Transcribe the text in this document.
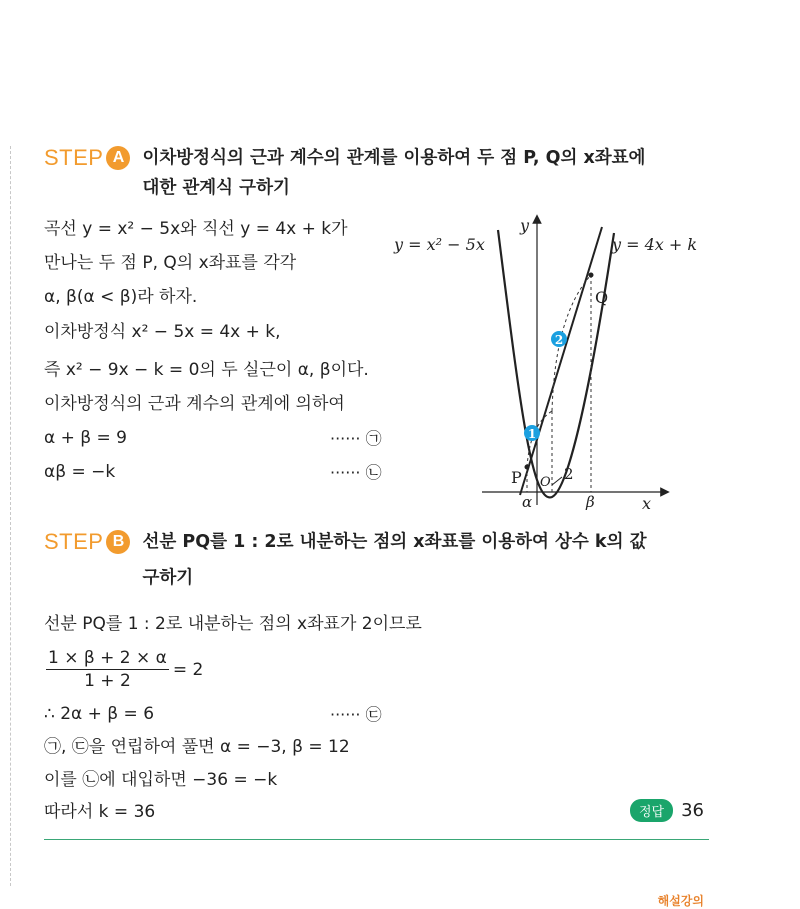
STEP A	이차방정식의 근과 계수의 관계를 이용하여 두 점 P, Q의 x좌표에
대한 관계식 구하기
곡선 y = x² − 5x와 직선 y = 4x + k가
만나는 두 점 P, Q의 x좌표를 각각
α, β(α < β)라 하자.
이차방정식 x² − 5x = 4x + k,
즉 x² − 9x − k = 0의 두 실근이 α, β이다.
이차방정식의 근과 계수의 관계에 의하여
α + β = 9	······ ㉠
αβ = −k	······ ㉡
1
2
y = x² − 5x	y = 4x + k
y
x
Q
P O
α	β
2
STEP B	선분 PQ를 1 : 2로 내분하는 점의 x좌표를 이용하여 상수 k의 값
구하기
선분 PQ를 1 : 2로 내분하는 점의 x좌표가 2이므로
$\frac{1 \times \beta + 2 \times \alpha}{1 + 2} = 2$
∴ 2α + β = 6	······ ㉢
㉠, ㉢을 연립하여 풀면 α = −3, β = 12
이를 ㉡에 대입하면 −36 = −k
따라서 k = 36	정답 36
해설강의
